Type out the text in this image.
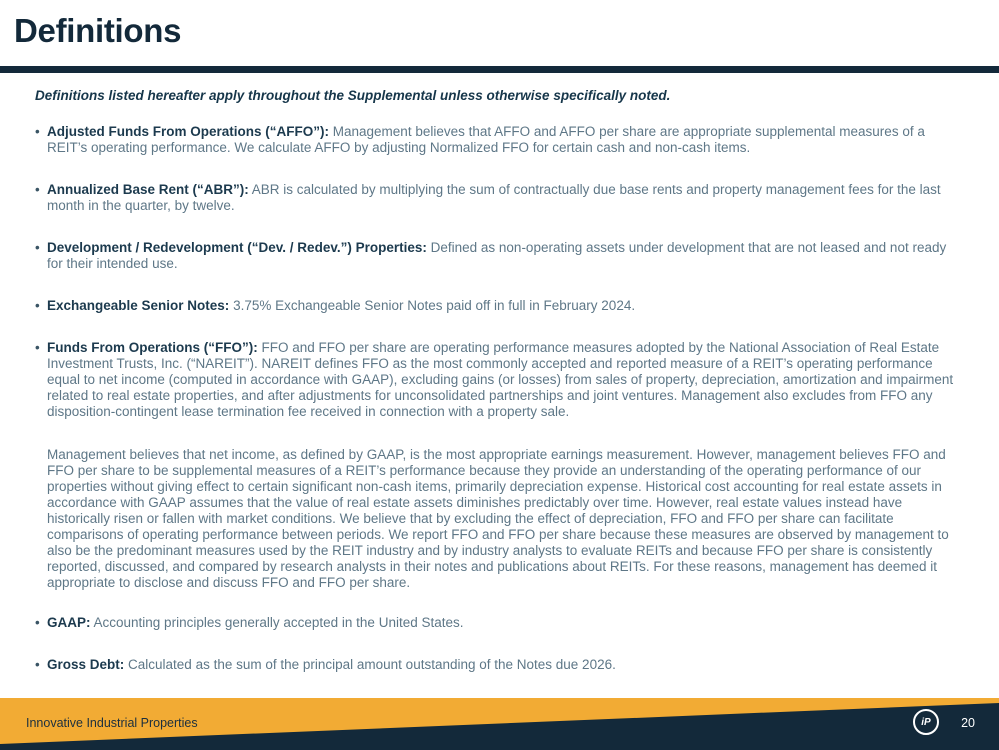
Definitions

Definitions listed hereafter apply throughout the Supplemental unless otherwise specifically noted.

• Adjusted Funds From Operations (“AFFO”): Management believes that AFFO and AFFO per share are appropriate supplemental measures of a REIT’s operating performance. We calculate AFFO by adjusting Normalized FFO for certain cash and non-cash items.
• Annualized Base Rent (“ABR”): ABR is calculated by multiplying the sum of contractually due base rents and property management fees for the last month in the quarter, by twelve.
• Development / Redevelopment (“Dev. / Redev.”) Properties: Defined as non-operating assets under development that are not leased and not ready for their intended use.
• Exchangeable Senior Notes: 3.75% Exchangeable Senior Notes paid off in full in February 2024.
• Funds From Operations (“FFO”): FFO and FFO per share are operating performance measures adopted by the National Association of Real Estate Investment Trusts, Inc. (“NAREIT”). NAREIT defines FFO as the most commonly accepted and reported measure of a REIT’s operating performance equal to net income (computed in accordance with GAAP), excluding gains (or losses) from sales of property, depreciation, amortization and impairment related to real estate properties, and after adjustments for unconsolidated partnerships and joint ventures. Management also excludes from FFO any disposition-contingent lease termination fee received in connection with a property sale.

Management believes that net income, as defined by GAAP, is the most appropriate earnings measurement. However, management believes FFO and FFO per share to be supplemental measures of a REIT’s performance because they provide an understanding of the operating performance of our properties without giving effect to certain significant non-cash items, primarily depreciation expense. Historical cost accounting for real estate assets in accordance with GAAP assumes that the value of real estate assets diminishes predictably over time. However, real estate values instead have historically risen or fallen with market conditions. We believe that by excluding the effect of depreciation, FFO and FFO per share can facilitate comparisons of operating performance between periods. We report FFO and FFO per share because these measures are observed by management to also be the predominant measures used by the REIT industry and by industry analysts to evaluate REITs and because FFO per share is consistently reported, discussed, and compared by research analysts in their notes and publications about REITs. For these reasons, management has deemed it appropriate to disclose and discuss FFO and FFO per share.

• GAAP: Accounting principles generally accepted in the United States.
• Gross Debt: Calculated as the sum of the principal amount outstanding of the Notes due 2026.
Innovative Industrial Properties	iP 20
